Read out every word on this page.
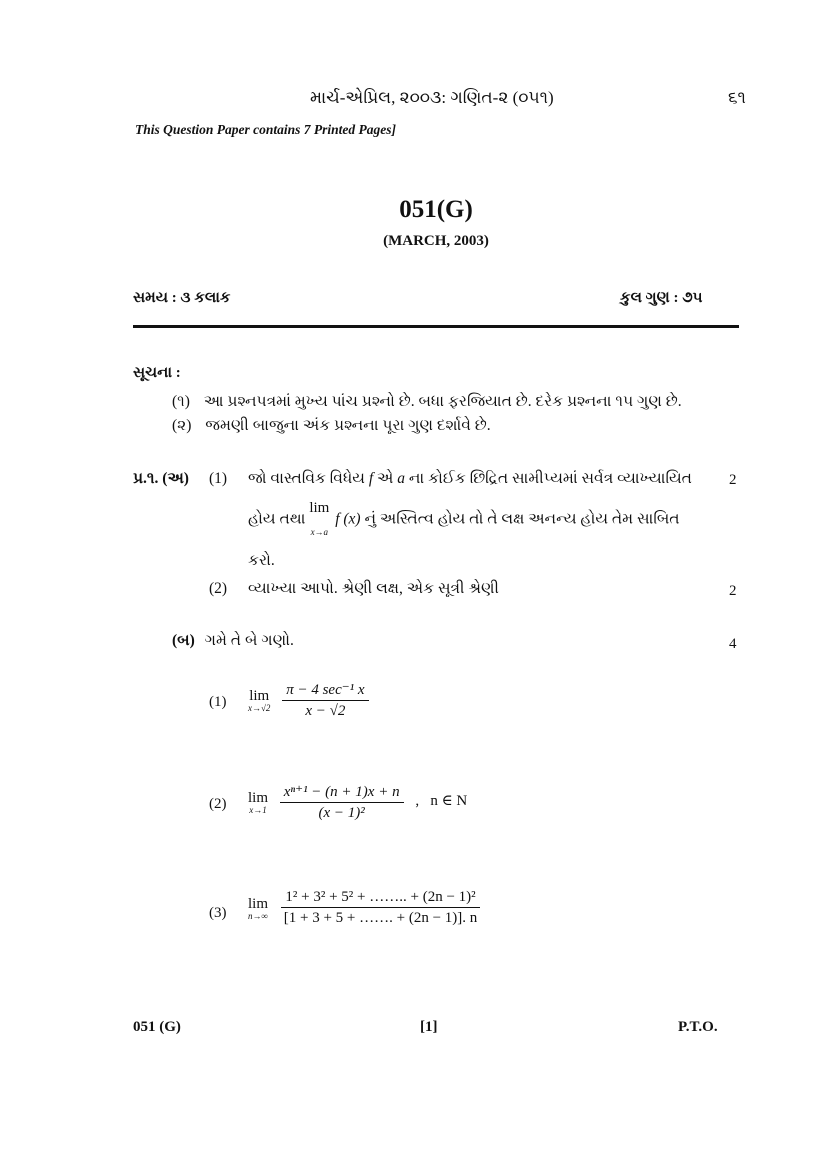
માર્ચ-એપ્રિલ, ૨૦૦૩: ગણિત-૨ (૦૫૧)	૬૧
This Question Paper contains 7 Printed Pages]
051(G)
(MARCH, 2003)
સમય : ૩ કલાક	કુલ ગુણ : ૭૫
સૂચના :
(૧) આ પ્રશ્નપત્રમાં મુખ્ય પાંચ પ્રશ્નો છે. બધા ફરજિયાત છે. દરેક પ્રશ્નના ૧૫ ગુણ છે.
(૨) જમણી બાજુના અંક પ્રશ્નના પૂરા ગુણ દર્શાવે છે.
પ્ર.૧. (અ) (1) જો વાસ્તવિક વિધેય f એ a ના કોઈક છિદ્રિત સામીપ્યમાં સર્વત્ર વ્યાખ્યાયિત
હોય તથા
lim
x→a
f (x) નું અસ્તિત્વ હોય તો તે લક્ષ અનન્ય હોય તેમ સાબિત
કરો.
2
(2) વ્યાખ્યા આપો. શ્રેણી લક્ષ, એક સૂત્રી શ્રેણી	2
(બ) ગમે તે બે ગણો.	4
(1) lim
x→√2
$\frac{\text{π − 4 sec⁻¹ x}}{x - √2}$
(2) lim
x→1
$\frac{\text{xⁿ⁺¹ − (n + 1)x + n}}{\text{(x − 1)²}}$ ,   n ∈ N
(3)
lim
n→∞
$\frac{\text{1² + 3² + 5² + …….. + (2n − 1)²}}{[1 + 3 + 5 + \dots\dots. + (2n - 1)]. n}$
051 (G)	[1]	P.T.O.
